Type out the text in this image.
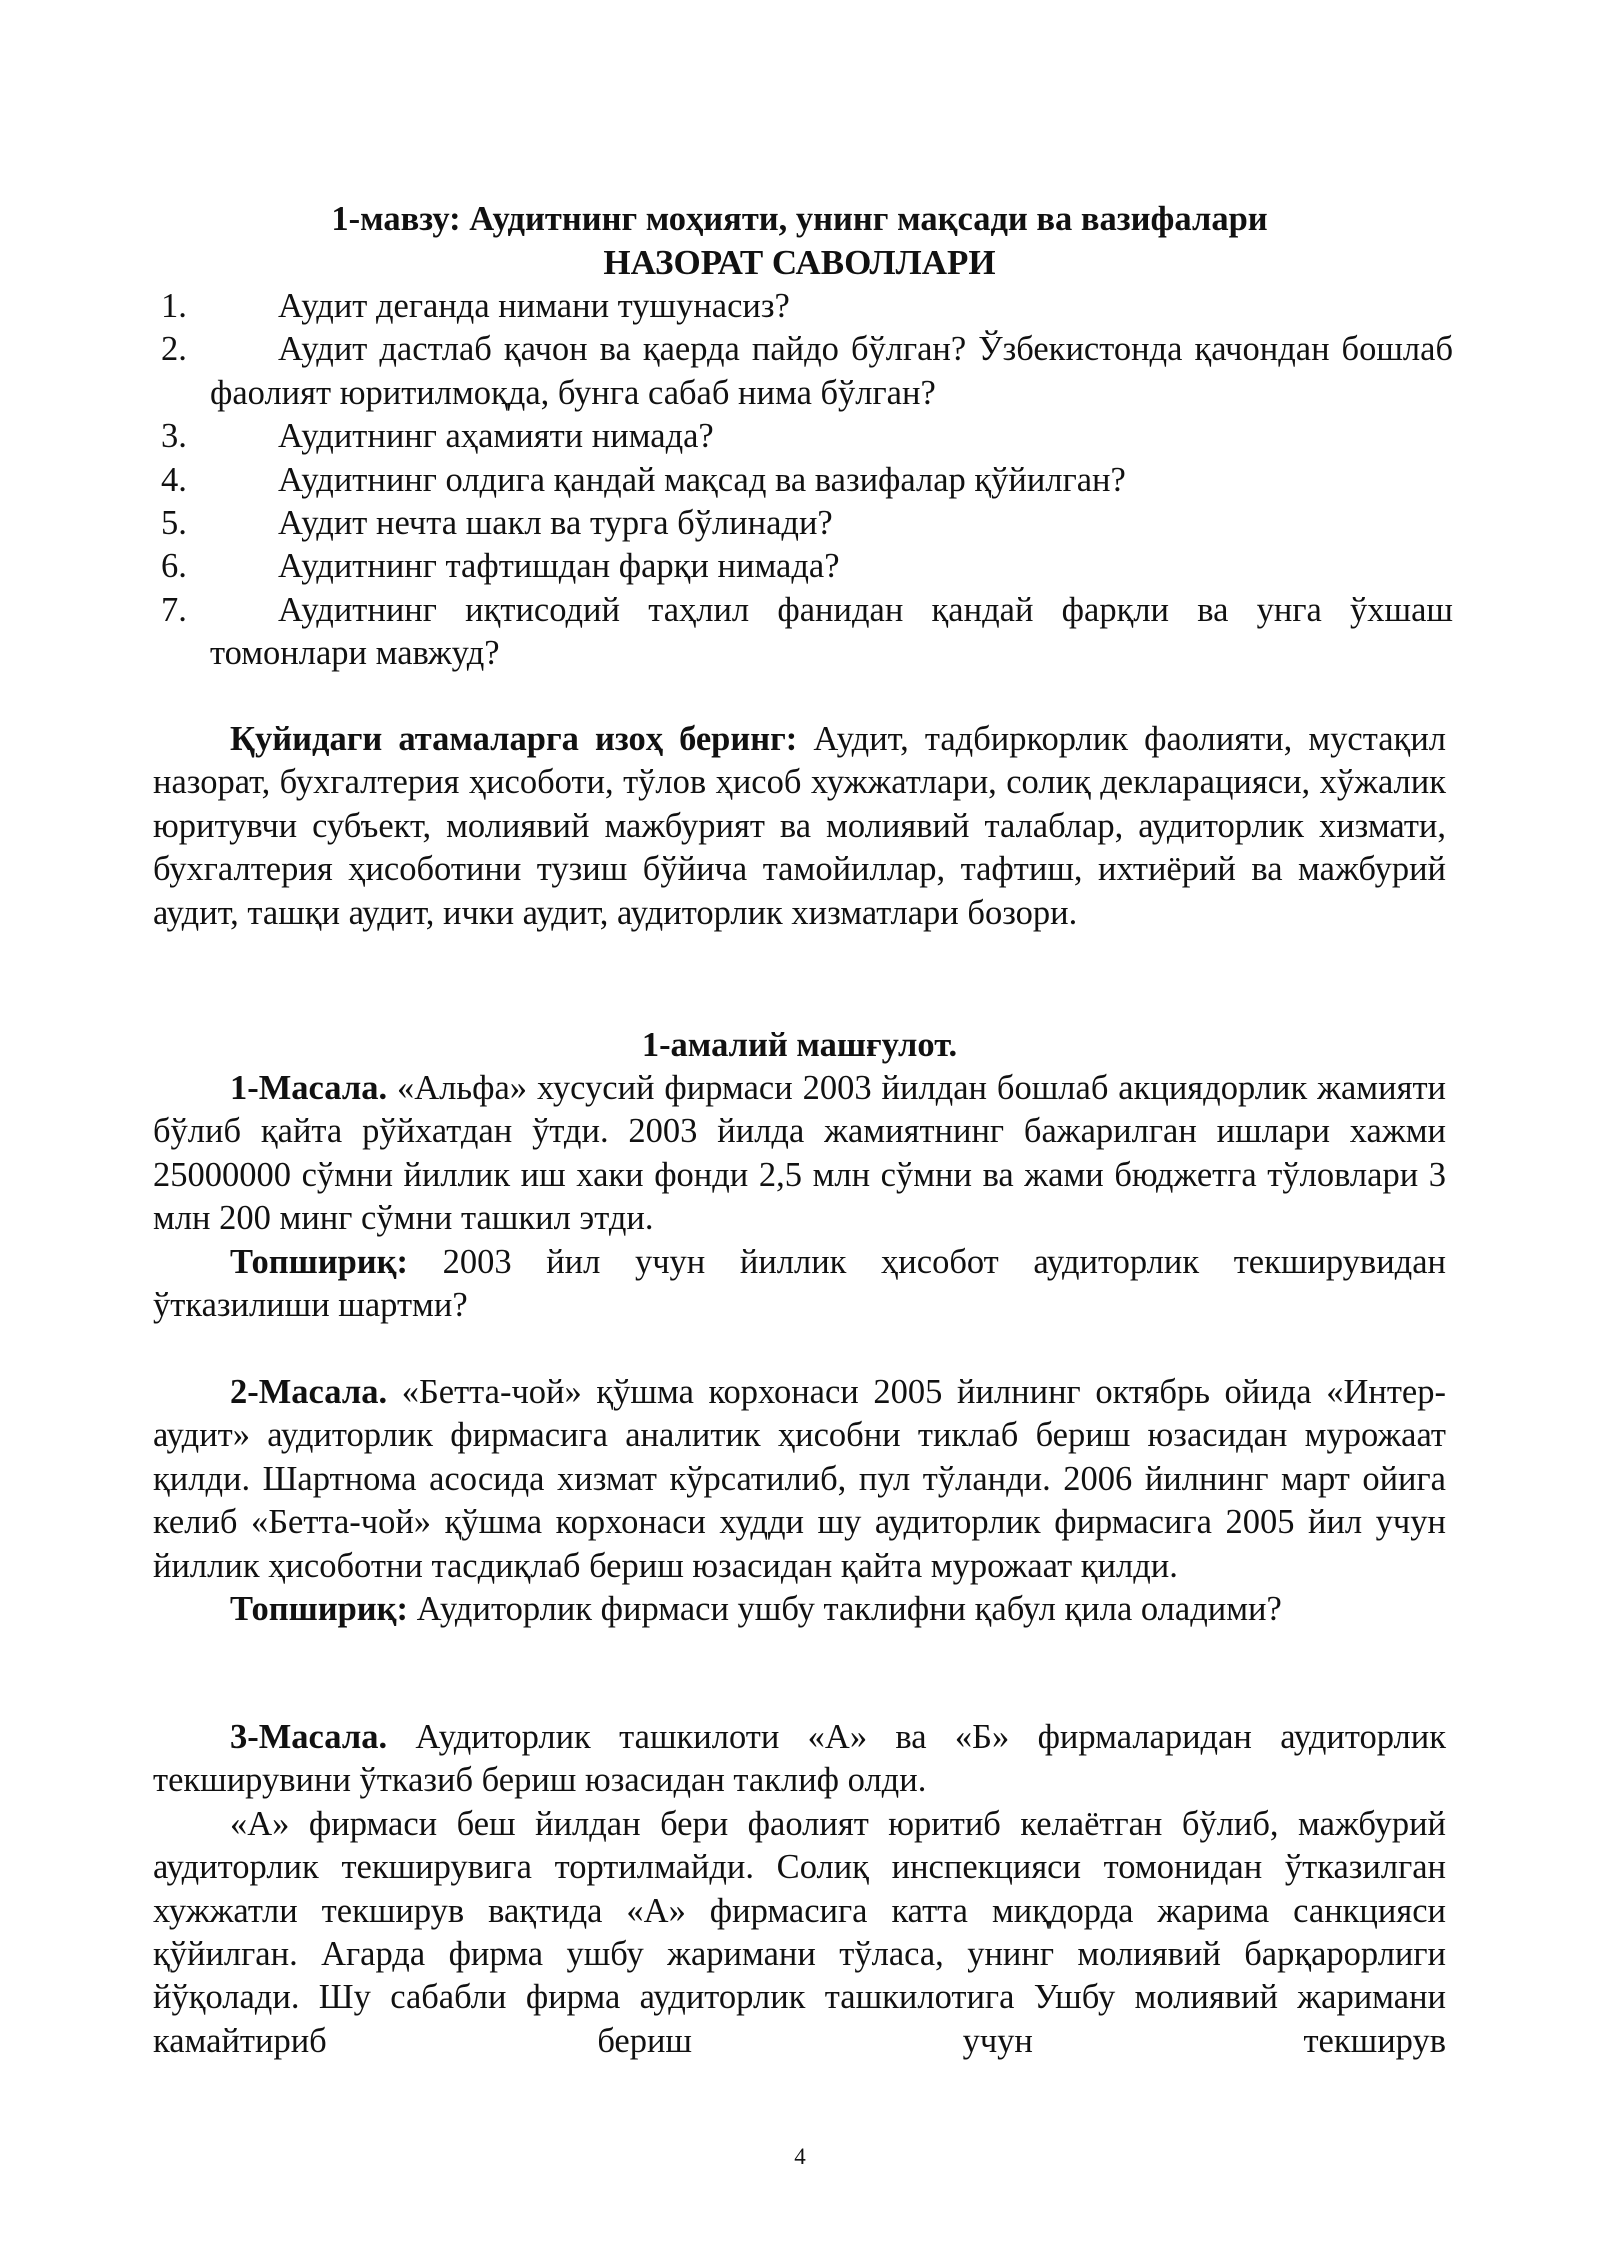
1-мавзу: Аудитнинг моҳияти, унинг мақсади ва вазифалари
НАЗОРАТ САВОЛЛАРИ
1.	Аудит деганда нимани тушунасиз?
2.	Аудит дастлаб қачон ва қаерда пайдо бўлган? Ўзбекистонда қачондан бошлаб фаолият юритилмоқда, бунга сабаб нима бўлган?
3.	Аудитнинг аҳамияти нимада?
4.	Аудитнинг олдига қандай мақсад ва вазифалар қўйилган?
5.	Аудит нечта шакл ва турга бўлинади?
6.	Аудитнинг тафтишдан фарқи нимада?
7.	Аудитнинг иқтисодий таҳлил фанидан қандай фарқли ва унга ўхшаш томонлари мавжуд?

Қуйидаги атамаларга изоҳ беринг: Аудит, тадбиркорлик фаолияти, мустақил назорат, бухгалтерия ҳисоботи, тўлов ҳисоб хужжатлари, солиқ декларацияси, хўжалик юритувчи субъект, молиявий мажбурият ва молиявий талаблар, аудиторлик хизмати, бухгалтерия ҳисоботини тузиш бўйича тамойиллар, тафтиш, ихтиёрий ва мажбурий аудит, ташқи аудит, ички аудит, аудиторлик хизматлари бозори.

1-амалий машғулот.

1-Масала. «Альфа» хусусий фирмаси 2003 йилдан бошлаб акциядорлик жамияти бўлиб қайта рўйхатдан ўтди. 2003 йилда жамиятнинг бажарилган ишлари хажми 25000000 сўмни йиллик иш хаки фонди 2,5 млн сўмни ва жами бюджетга тўловлари 3 млн 200 минг сўмни ташкил этди.

Топшириқ: 2003 йил учун йиллик ҳисобот аудиторлик текширувидан ўтказилиши шартми?

2-Масала. «Бетта-чой» қўшма корхонаси 2005 йилнинг октябрь ойида «Интер-аудит» аудиторлик фирмасига аналитик ҳисобни тиклаб бериш юзасидан мурожаат қилди. Шартнома асосида хизмат кўрсатилиб, пул тўланди. 2006 йилнинг март ойига келиб «Бетта-чой» қўшма корхонаси худди шу аудиторлик фирмасига 2005 йил учун йиллик ҳисоботни тасдиқлаб бериш юзасидан қайта мурожаат қилди.

Топшириқ: Аудиторлик фирмаси ушбу таклифни қабул қила оладими?

3-Масала. Аудиторлик ташкилоти «А» ва «Б» фирмаларидан аудиторлик текширувини ўтказиб бериш юзасидан таклиф олди.

«А» фирмаси беш йилдан бери фаолият юритиб келаётган бўлиб, мажбурий аудиторлик текширувига тортилмайди. Солиқ инспекцияси томонидан ўтказилган хужжатли текширув вақтида «А» фирмасига катта миқдорда жарима санкцияси қўйилган. Агарда фирма ушбу жаримани тўласа, унинг молиявий барқарорлиги йўқолади. Шу сабабли фирма аудиторлик ташкилотига Ушбу молиявий жаримани камайтириб бериш учун текширув

4
